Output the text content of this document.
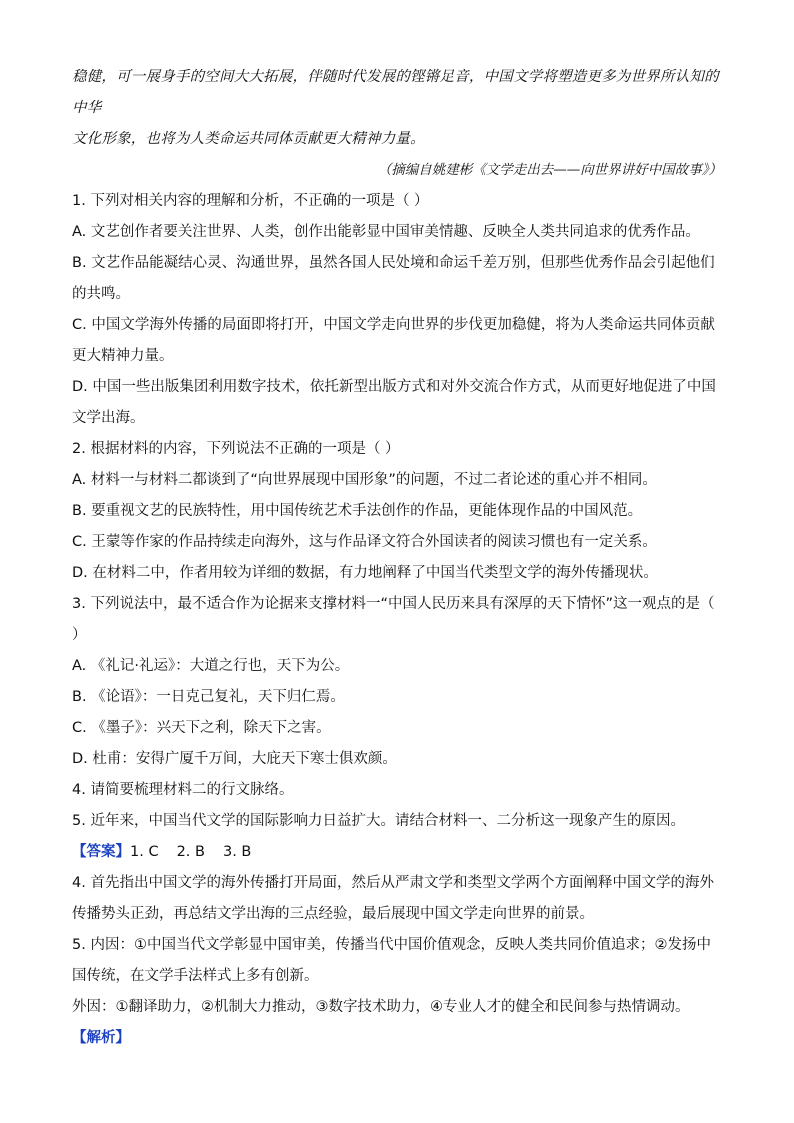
稳健，可一展身手的空间大大拓展，伴随时代发展的铿锵足音，中国文学将塑造更多为世界所认知的中华

文化形象，也将为人类命运共同体贡献更大精神力量。

（摘编自姚建彬《文学走出去——向世界讲好中国故事》）

1. 下列对相关内容的理解和分析，不正确的一项是（ ）

A. 文艺创作者要关注世界、人类，创作出能彰显中国审美情趣、反映全人类共同追求的优秀作品。

B. 文艺作品能凝结心灵、沟通世界，虽然各国人民处境和命运千差万别，但那些优秀作品会引起他们的共鸣。

C. 中国文学海外传播的局面即将打开，中国文学走向世界的步伐更加稳健，将为人类命运共同体贡献更大精神力量。

D. 中国一些出版集团利用数字技术，依托新型出版方式和对外交流合作方式，从而更好地促进了中国文学出海。

2. 根据材料的内容，下列说法不正确的一项是（ ）

A. 材料一与材料二都谈到了“向世界展现中国形象”的问题，不过二者论述的重心并不相同。

B. 要重视文艺的民族特性，用中国传统艺术手法创作的作品，更能体现作品的中国风范。

C. 王蒙等作家的作品持续走向海外，这与作品译文符合外国读者的阅读习惯也有一定关系。

D. 在材料二中，作者用较为详细的数据，有力地阐释了中国当代类型文学的海外传播现状。

3. 下列说法中，最不适合作为论据来支撑材料一“中国人民历来具有深厚的天下情怀”这一观点的是（ ）

A. 《礼记·礼运》：大道之行也，天下为公。

B. 《论语》：一日克己复礼，天下归仁焉。

C. 《墨子》：兴天下之利，除天下之害。

D. 杜甫：安得广厦千万间，大庇天下寒士俱欢颜。

4. 请简要梳理材料二的行文脉络。

5. 近年来，中国当代文学的国际影响力日益扩大。请结合材料一、二分析这一现象产生的原因。

【答案】1. C 2. B 3. B

4. 首先指出中国文学的海外传播打开局面，然后从严肃文学和类型文学两个方面阐释中国文学的海外传播势头正劲，再总结文学出海的三点经验，最后展现中国文学走向世界的前景。

5. 内因：①中国当代文学彰显中国审美，传播当代中国价值观念，反映人类共同价值追求；②发扬中国传统，在文学手法样式上多有创新。

外因：①翻译助力，②机制大力推动，③数字技术助力，④专业人才的健全和民间参与热情调动。

【解析】
